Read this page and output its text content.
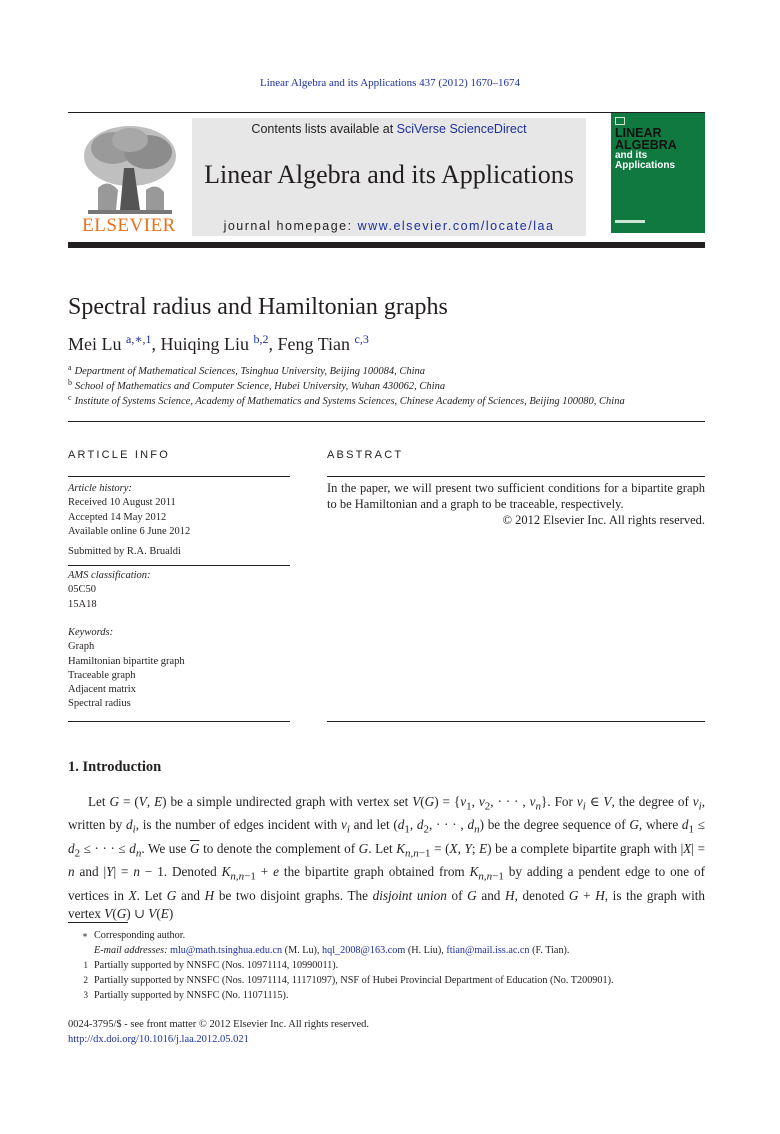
Linear Algebra and its Applications 437 (2012) 1670–1674
ELSEVIER
Contents lists available at SciVerse ScienceDirect
Linear Algebra and its Applications
journal homepage: www.elsevier.com/locate/laa
LINEAR
ALGEBRA
and its
Applications
Spectral radius and Hamiltonian graphs
Mei Lu $^{a,∗,1}$, Huiqing Liu $^{b,2}$, Feng Tian $^{c,3}$
$^a$ Department of Mathematical Sciences, Tsinghua University, Beijing 100084, China
$^b$ School of Mathematics and Computer Science, Hubei University, Wuhan 430062, China
$^c$ Institute of Systems Science, Academy of Mathematics and Systems Sciences, Chinese Academy of Sciences, Beijing 100080, China
ARTICLE INFO
Article history:
Received 10 August 2011
Accepted 14 May 2012
Available online 6 June 2012
Submitted by R.A. Brualdi
AMS classification:
05C50
15A18
Keywords:
Graph
Hamiltonian bipartite graph
Traceable graph
Adjacent matrix
Spectral radius
ABSTRACT
In the paper, we will present two sufficient conditions for a bipartite graph to be Hamiltonian and a graph to be traceable, respectively.
© 2012 Elsevier Inc. All rights reserved.
1. Introduction

Let G = (V, E) be a simple undirected graph with vertex set $V(G) = \{v_1$, $v_2$, · · · , $v_n$}. For $v_i$ ∈ V, the degree of $v_i$, written by $d_i$, is the number of edges incident with $v_i$ and let ($d_1$, $d_2$, · · · , $d_n$) be the degree sequence of G, where $d_1 \le d_2$ ≤ · · · ≤ $d_n$. We use $\overline{G}$ to denote the complement of G. Let $K_{n,n-1} = (X$, Y; E) be a complete bipartite graph with |X| = n and |Y| = n − 1. Denoted $K_{n,n-1} + e$ the bipartite graph obtained from $K_{n,n-1}$ by adding a pendent edge to one of vertices in X. Let G and H be two disjoint graphs. The disjoint union of G and H, denoted G + H, is the graph with vertex V(G) ∪ V(E)

∗ Corresponding author.
E-mail addresses: mlu@math.tsinghua.edu.cn (M. Lu), hql_2008@163.com (H. Liu), ftian@mail.iss.ac.cn (F. Tian).
1 Partially supported by NNSFC (Nos. 10971114, 10990011).
2 Partially supported by NNSFC (Nos. 10971114, 11171097), NSF of Hubei Provincial Department of Education (No. T200901).
3 Partially supported by NNSFC (No. 11071115).
0024-3795/$ - see front matter © 2012 Elsevier Inc. All rights reserved.
http://dx.doi.org/10.1016/j.laa.2012.05.021
